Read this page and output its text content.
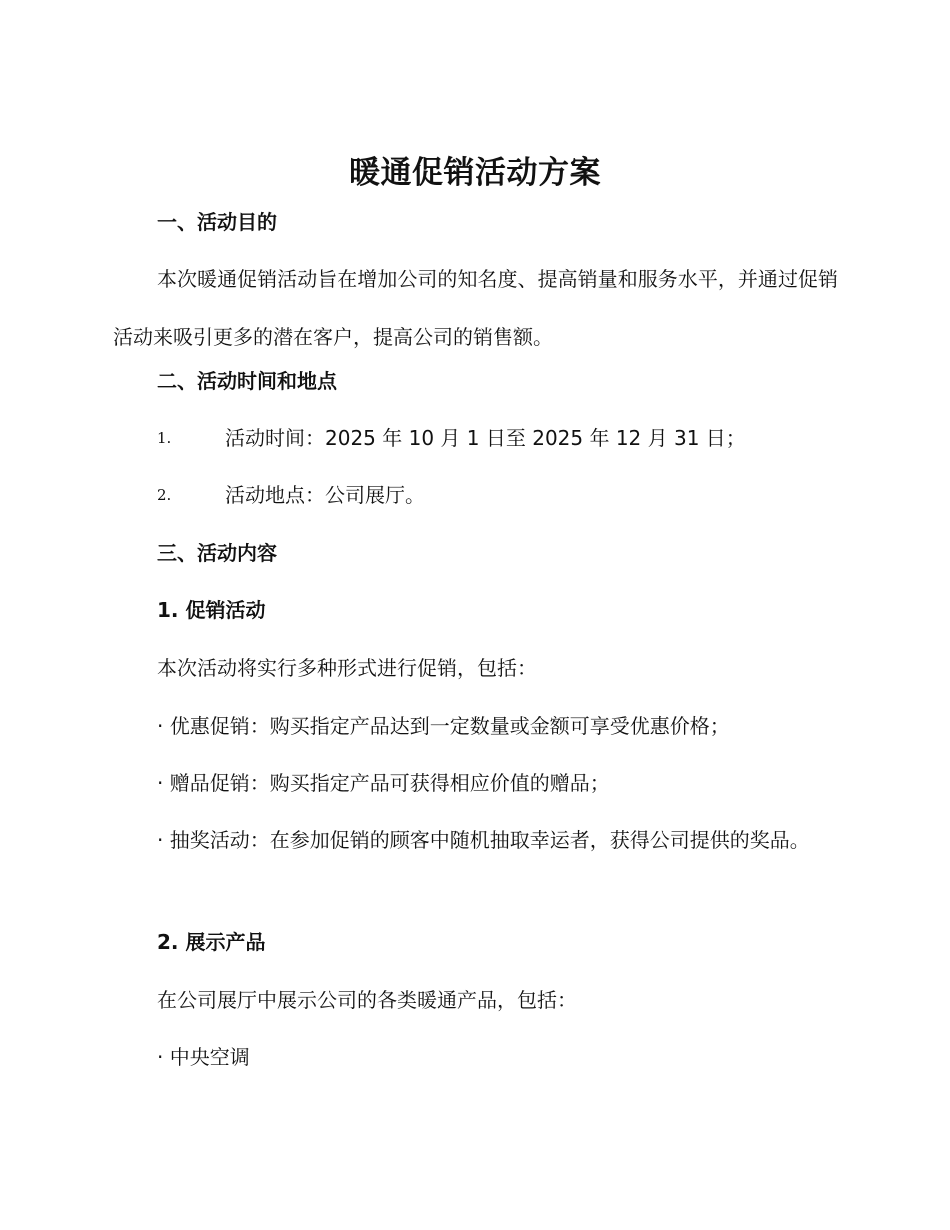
暖通促销活动方案
一、活动目的
本次暖通促销活动旨在增加公司的知名度、提高销量和服务水平，并通过促销活动来吸引更多的潜在客户，提高公司的销售额。
二、活动时间和地点
1.	活动时间：2025 年 10 月 1 日至 2025 年 12 月 31 日；
2.	活动地点：公司展厅。
三、活动内容
1. 促销活动
本次活动将实行多种形式进行促销，包括：
· 优惠促销：购买指定产品达到一定数量或金额可享受优惠价格；
· 赠品促销：购买指定产品可获得相应价值的赠品；
· 抽奖活动：在参加促销的顾客中随机抽取幸运者，获得公司提供的奖品。
2. 展示产品
在公司展厅中展示公司的各类暖通产品，包括：
· 中央空调
